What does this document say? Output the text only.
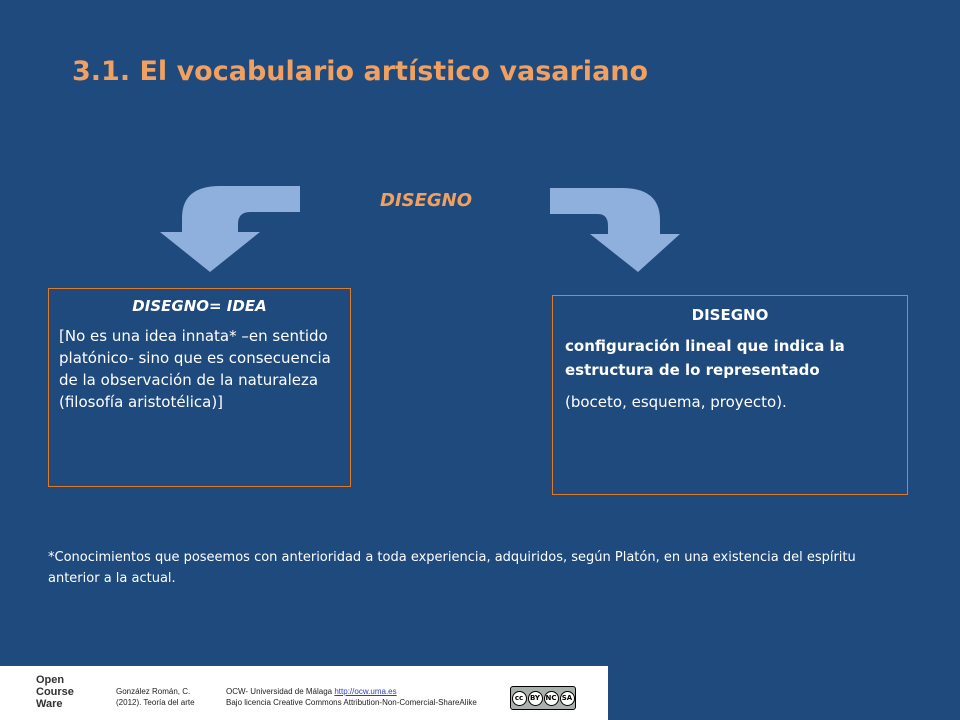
3.1. El vocabulario artístico vasariano
DISEGNO
DISEGNO= IDEA
[No es una idea innata* –en sentido platónico- sino que es consecuencia de la observación de la naturaleza (filosofía aristotélica)]
DISEGNO
configuración lineal que indica la estructura de lo representado
(boceto, esquema, proyecto).
*Conocimientos que poseemos con anterioridad a toda experiencia, adquiridos, según Platón, en una existencia del espíritu anterior a la actual.
Open
Course
Ware
González Román, C.
(2012). Teoría del arte
OCW- Universidad de Málaga http://ocw.uma.es
Bajo licencia Creative Commons Attribution-Non-Comercial-ShareAlike
cc BY NC SA
